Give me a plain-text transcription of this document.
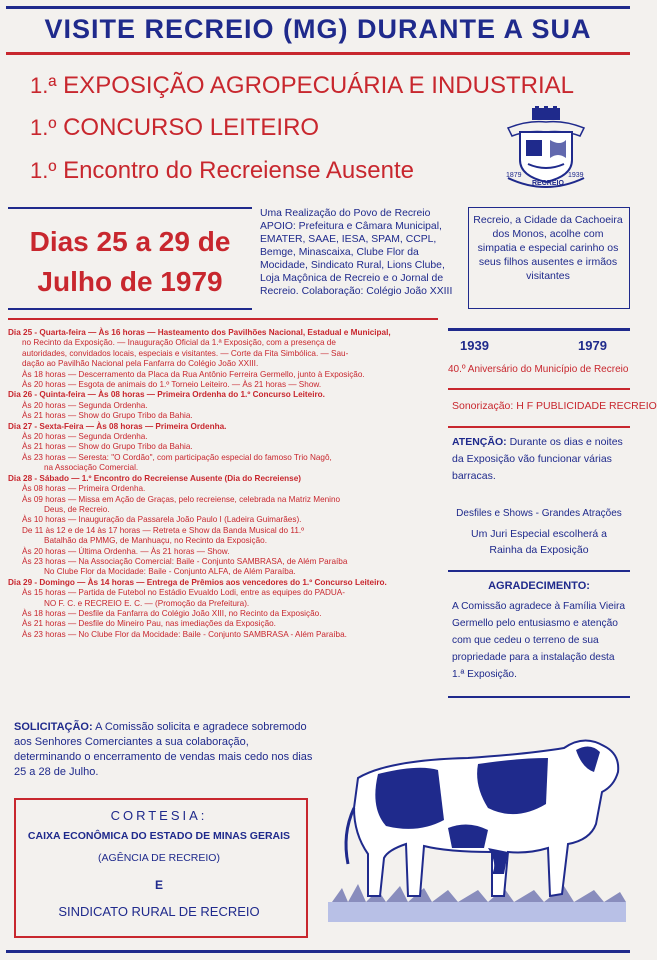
VISITE RECREIO (MG) DURANTE A SUA
1.ª EXPOSIÇÃO AGROPECUÁRIA E INDUSTRIAL
1.º CONCURSO LEITEIRO
1.º Encontro do Recreiense Ausente	1879
RECREIO
1939
Dias 25 a 29 de
Julho de 1979
Uma Realização do Povo de Recreio APOIO: Prefeitura e Câmara Municipal, EMATER, SAAE, IESA, SPAM, CCPL, Bemge, Minascaixa, Clube Flor da Mocidade, Sindicato Rural, Lions Clube, Loja Maçônica de Recreio e o Jornal de Recreio. Colaboração: Colégio João XXIII
Recreio, a Cidade da Cachoeira dos Monos, acolhe com simpatia e especial carinho os seus filhos ausentes e irmãos visitantes
Dia 25 - Quarta-feira — Às 16 horas — Hasteamento dos Pavilhões Nacional, Estadual e Municipal,
no Recinto da Exposição. — Inauguração Oficial da 1.ª Exposição, com a presença de
autoridades, convidados locais, especiais e visitantes. — Corte da Fita Simbólica. — Sau-
dação ao Pavilhão Nacional pela Fanfarra do Colégio João XXIII.
Às 18 horas — Descerramento da Placa da Rua Antônio Ferreira Germello, junto à Exposição.
Às 20 horas — Esgota de animais do 1.º Torneio Leiteiro. — Às 21 horas — Show.
Dia 26 - Quinta-feira — Às 08 horas — Primeira Ordenha do 1.º Concurso Leiteiro.
Às 20 horas — Segunda Ordenha.
Às 21 horas — Show do Grupo Tribo da Bahia.
Dia 27 - Sexta-Feira — Às 08 horas — Primeira Ordenha.
Às 20 horas — Segunda Ordenha.
Às 21 horas — Show do Grupo Tribo da Bahia.
Às 23 horas — Seresta: "O Cordão", com participação especial do famoso Trio Nagô,
na Associação Comercial.
Dia 28 - Sábado — 1.º Encontro do Recreiense Ausente (Dia do Recreiense)
Às 08 horas — Primeira Ordenha.
Às 09 horas — Missa em Ação de Graças, pelo recreiense, celebrada na Matriz Menino
Deus, de Recreio.
Às 10 horas — Inauguração da Passarela João Paulo I (Ladeira Guimarães).
De 11 às 12 e de 14 às 17 horas — Retreta e Show da Banda Musical do 11.º
Batalhão da PMMG, de Manhuaçu, no Recinto da Exposição.
Às 20 horas — Última Ordenha. — Às 21 horas — Show.
Às 23 horas — Na Associação Comercial: Baile - Conjunto SAMBRASA, de Além Paraíba
No Clube Flor da Mocidade: Baile - Conjunto ALFA, de Além Paraíba.
Dia 29 - Domingo — Às 14 horas — Entrega de Prêmios aos vencedores do 1.º Concurso Leiteiro.
Às 15 horas — Partida de Futebol no Estádio Evualdo Lodi, entre as equipes do PADUA-
NO F. C. e RECREIO E. C. — (Promoção da Prefeitura).
Às 18 horas — Desfile da Fanfarra do Colégio João XIII, no Recinto da Exposição.
Às 21 horas — Desfile do Mineiro Pau, nas imediações da Exposição.
Às 23 horas — No Clube Flor da Mocidade: Baile - Conjunto SAMBRASA - Além Paraíba.
1939	1979
40.º Aniversário do Município de Recreio
Sonorização: H F PUBLICIDADE RECREIO
ATENÇÃO: Durante os dias e noites da Exposição vão funcionar várias barracas.
Desfiles e Shows - Grandes Atrações
Um Juri Especial escolherá a Rainha da Exposição
AGRADECIMENTO:
A Comissão agradece à Família Vieira Germello pelo entusiasmo e atenção com que cedeu o terreno de sua propriedade para a instalação desta 1.ª Exposição.
SOLICITAÇÃO: A Comissão solicita e agradece sobremodo aos Senhores Comerciantes a sua colaboração, determinando o encerramento de vendas mais cedo nos dias 25 a 28 de Julho.
CORTESIA:
CAIXA ECONÔMICA DO ESTADO DE MINAS GERAIS
(AGÊNCIA DE RECREIO)
E
SINDICATO RURAL DE RECREIO
